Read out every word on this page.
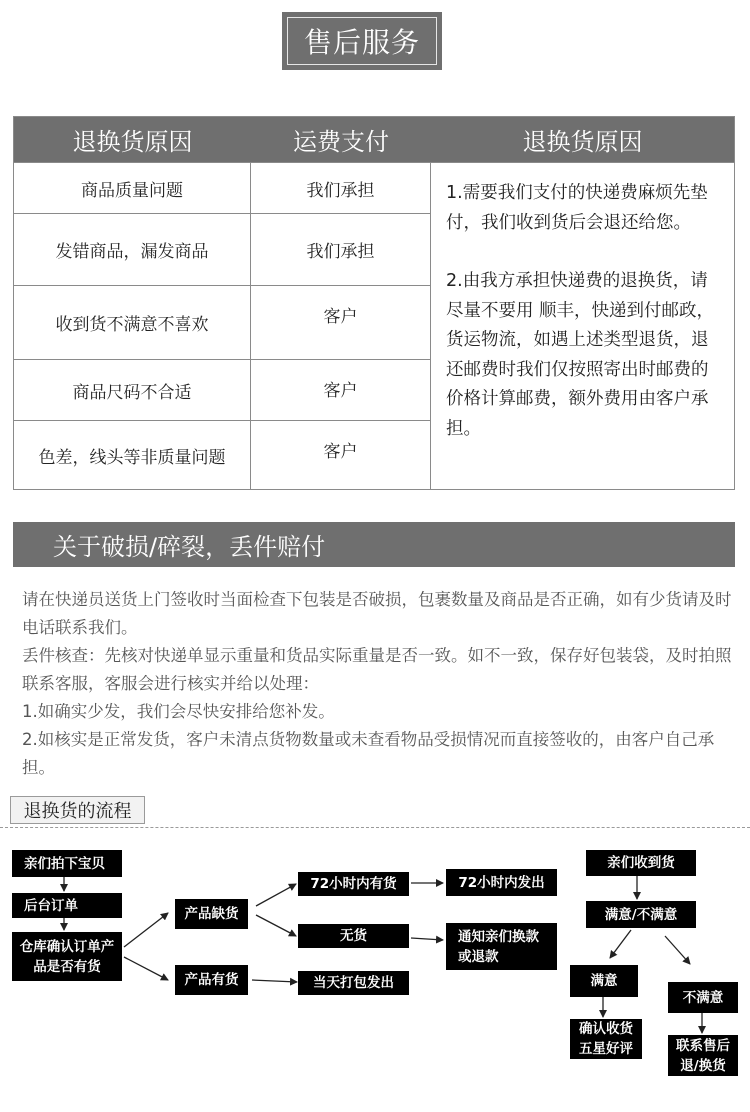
售后服务
退换货原因	运费支付	退换货原因
商品质量问题	我们承担
发错商品，漏发商品	我们承担
收到货不满意不喜欢	客户
商品尺码不合适	客户
色差，线头等非质量问题	客户

1.需要我们支付的快递费麻烦先垫付，我们收到货后会退还给您。

2.由我方承担快递费的退换货，请尽量不要用 顺丰，快递到付邮政，货运物流，如遇上述类型退货，退还邮费时我们仅按照寄出时邮费的价格计算邮费，额外费用由客户承担。

关于破损/碎裂，丢件赔付

请在快递员送货上门签收时当面检查下包装是否破损，包裹数量及商品是否正确，如有少货请及时电话联系我们。

丢件核查：先核对快递单显示重量和货品实际重量是否一致。如不一致，保存好包装袋，及时拍照联系客服，客服会进行核实并给以处理：

1.如确实少发，我们会尽快安排给您补发。

2.如核实是正常发货，客户未清点货物数量或未查看物品受损情况而直接签收的，由客户自己承担。

退换货的流程
亲们拍下宝贝
后台订单
仓库确认订单产品是否有货
产品缺货
产品有货
72小时内有货
无货
当天打包发出
72小时内发出
通知亲们换款或退款
亲们收到货
满意/不满意
满意
不满意
确认收货五星好评	联系售后退/换货
